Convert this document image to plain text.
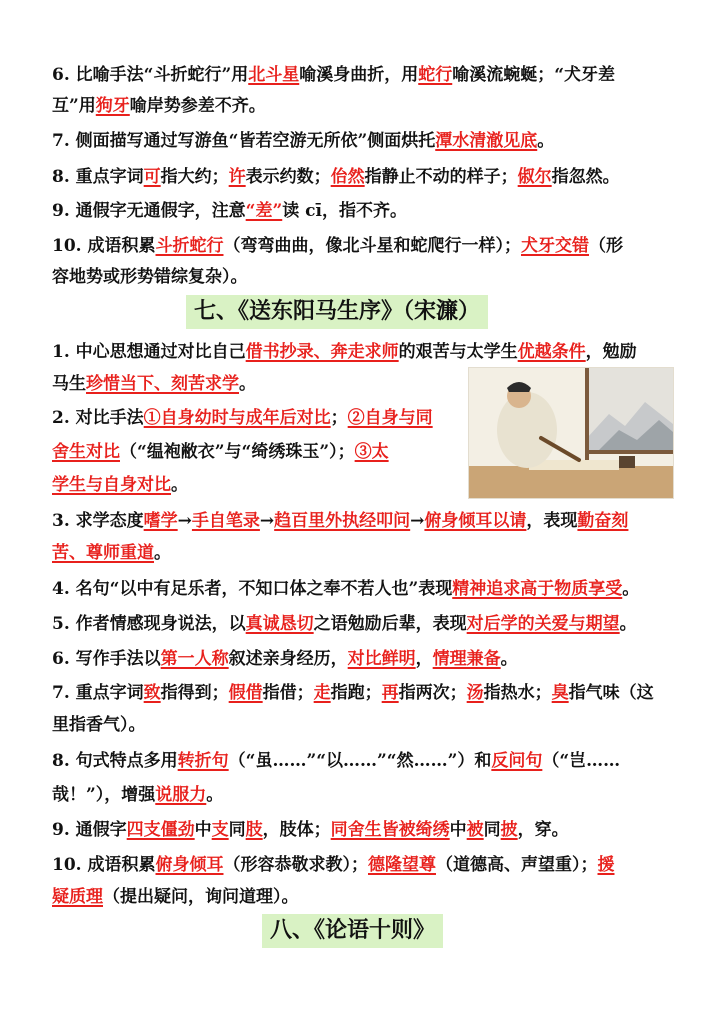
6. 比喻手法“斗折蛇行”用北斗星喻溪身曲折，用蛇行喻溪流蜿蜒；“犬牙差
互”用狗牙喻岸势参差不齐。
7. 侧面描写通过写游鱼“皆若空游无所依”侧面烘托潭水清澈见底。
8. 重点字词可指大约；许表示约数；佁然指静止不动的样子；俶尔指忽然。
9. 通假字无通假字，注意“差”读 cī，指不齐。
10. 成语积累斗折蛇行（弯弯曲曲，像北斗星和蛇爬行一样）；犬牙交错（形
容地势或形势错综复杂）。
七、《送东阳马生序》（宋濂）
1. 中心思想通过对比自己借书抄录、奔走求师的艰苦与太学生优越条件，勉励
马生珍惜当下、刻苦求学。
2. 对比手法①自身幼时与成年后对比；②自身与同
舍生对比（“缊袍敝衣”与“绮绣珠玉”）；③太
学生与自身对比。
3. 求学态度嗜学→手自笔录→趋百里外执经叩问→俯身倾耳以请，表现勤奋刻
苦、尊师重道。
4. 名句“以中有足乐者，不知口体之奉不若人也”表现精神追求高于物质享受。
5. 作者情感现身说法，以真诚恳切之语勉励后辈，表现对后学的关爱与期望。
6. 写作手法以第一人称叙述亲身经历，对比鲜明，情理兼备。
7. 重点字词致指得到；假借指借；走指跑；再指两次；汤指热水；臭指气味（这
里指香气）。
8. 句式特点多用转折句（“虽……”“以……”“然……”）和反问句（“岂……
哉！”），增强说服力。
9. 通假字四支僵劲中支同肢，肢体；同舍生皆被绮绣中被同披，穿。
10. 成语积累俯身倾耳（形容恭敬求教）；德隆望尊（道德高、声望重）；援
疑质理（提出疑问，询问道理）。
八、《论语十则》
